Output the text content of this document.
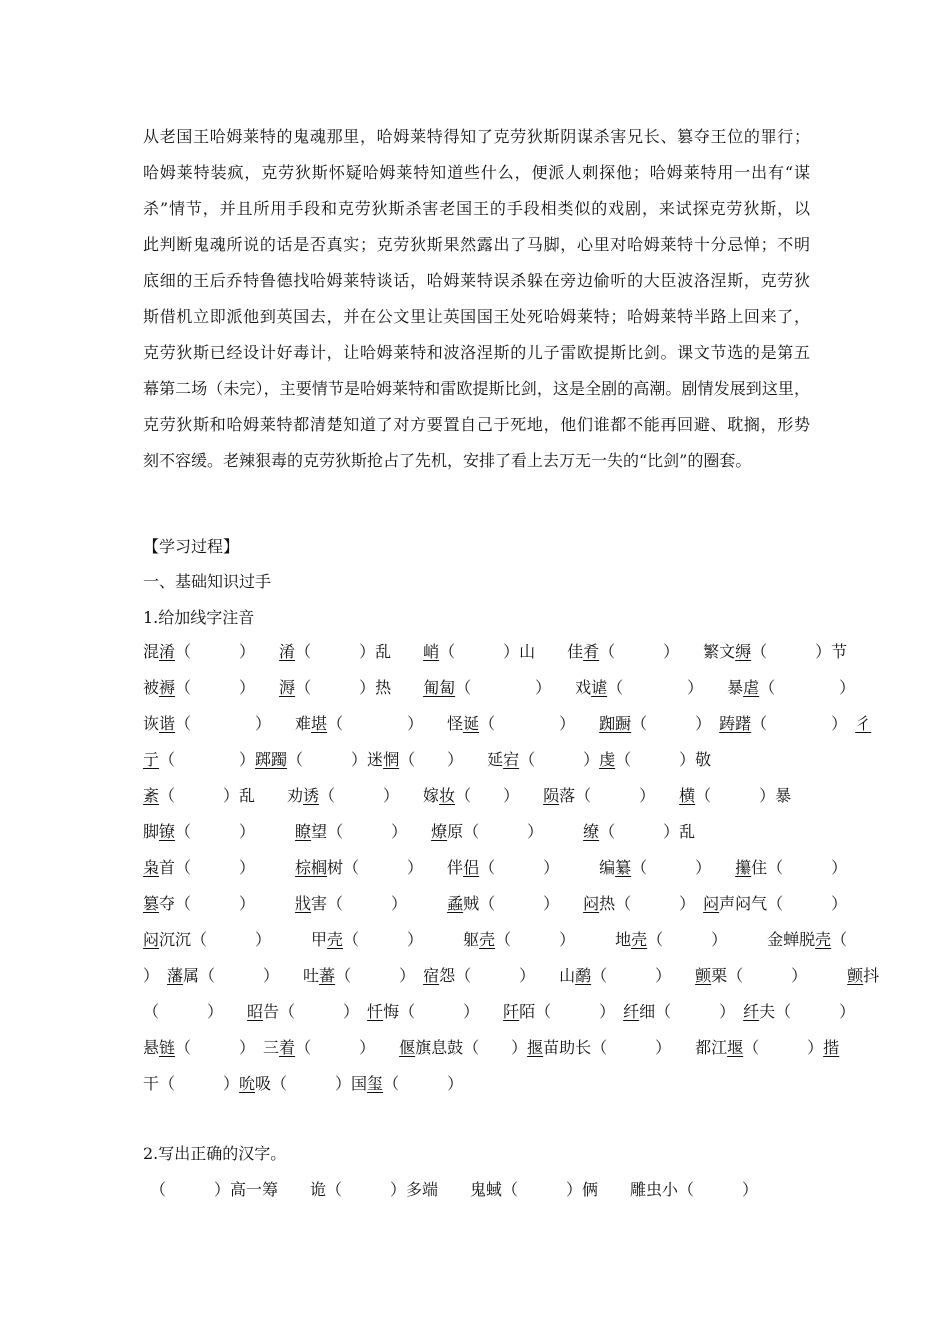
从老国王哈姆莱特的鬼魂那里，哈姆莱特得知了克劳狄斯阴谋杀害兄长、篡夺王位的罪行；
哈姆莱特装疯，克劳狄斯怀疑哈姆莱特知道些什么，便派人刺探他；哈姆莱特用一出有“谋
杀”情节，并且所用手段和克劳狄斯杀害老国王的手段相类似的戏剧，来试探克劳狄斯，以
此判断鬼魂所说的话是否真实；克劳狄斯果然露出了马脚，心里对哈姆莱特十分忌惮；不明
底细的王后乔特鲁德找哈姆莱特谈话，哈姆莱特误杀躲在旁边偷听的大臣波洛涅斯，克劳狄
斯借机立即派他到英国去，并在公文里让英国国王处死哈姆莱特；哈姆莱特半路上回来了，
克劳狄斯已经设计好毒计，让哈姆莱特和波洛涅斯的儿子雷欧提斯比剑。课文节选的是第五
幕第二场（未完），主要情节是哈姆莱特和雷欧提斯比剑，这是全剧的高潮。剧情发展到这里，
克劳狄斯和哈姆莱特都清楚知道了对方要置自己于死地，他们谁都不能再回避、耽搁，形势
刻不容缓。老辣狠毒的克劳狄斯抢占了先机，安排了看上去万无一失的“比剑”的圈套。
【学习过程】
一、基础知识过手
1.给加线字注音
混淆（　　　）　　淆（　　　）乱　　峭（　　　）山　　佳肴（　　　）　　繁文缛（　　　）节
被褥（　　　）　　溽（　　　）热　　匍匐（　　　　）　　戏谑（　　　　）　　暴虐（　　　　）
诙谐（　　　　）　　难堪（　　　　）　　怪诞（　　　　）　　踟蹰（　　　）　踌躇（　　　　）　彳
亍（　　　　）踯躅（　　　）迷惘（　　）　　延宕（　　　）虔（　　　）敬
紊（　　　）乱　　劝诱（　　　）　　嫁妆（　　）　　陨落（　　　）　　横（　　　）暴
脚镣（　　　）　　　瞭望（　　　）　　燎原（　　　）　　　缭（　　　）乱
枭首（　　　）　　　棕榈树（　　　）　　伴侣（　　　）　　　编纂（　　　）　　攥住（　　　）
篡夺（　　　）　　　戕害（　　　）　　　蟊贼（　　　）　　闷热（　　　）　闷声闷气（　　　）
闷沉沉（　　　）　　　甲壳（　　　）　　　躯壳（　　　）　　　地壳（　　　）　　　金蝉脱壳（
）　藩属（　　　）　　吐蕃（　　　）　宿怨（　　　）　　山鹬（　　　）　　颤栗（　　　）　　　颤抖
（　　　）　　昭告（　　　）　忏悔（　　　）　　阡陌（　　　）　纤细（　　　）　纤夫（　　　）
悬链（　　　）　三着（　　　）　　偃旗息鼓（　　）揠苗助长（　　　）　　都江堰（　　　）揩
干（　　　）吮吸（　　　）国玺（　　　）
2.写出正确的汉字。
（　　　）高一筹　　诡（　　　）多端　　鬼蜮（　　　）俩　　雕虫小（　　　）
